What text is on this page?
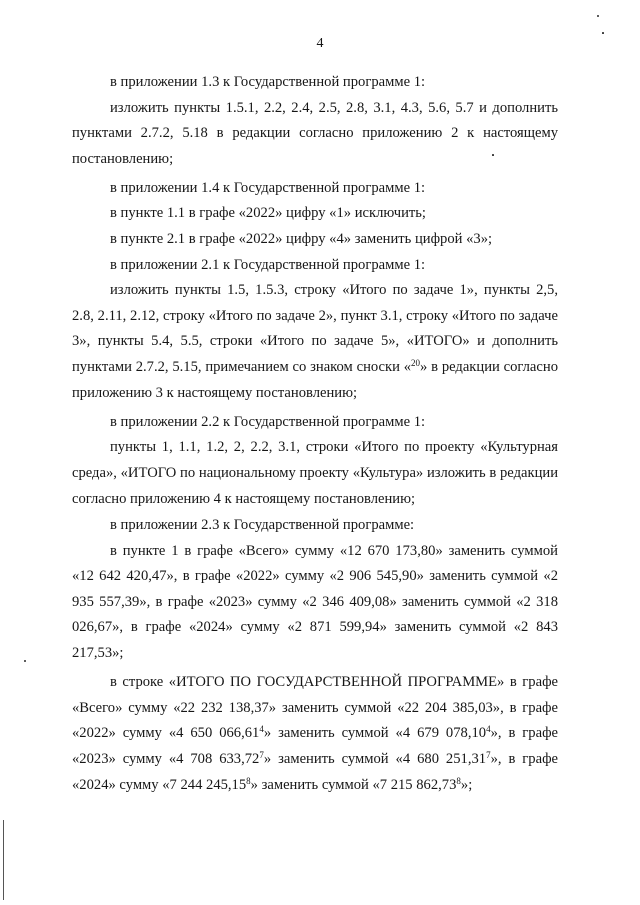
4

в приложении 1.3 к Государственной программе 1:

изложить пункты 1.5.1, 2.2, 2.4, 2.5, 2.8, 3.1, 4.3, 5.6, 5.7 и дополнить пунктами 2.7.2, 5.18 в редакции согласно приложению 2 к настоящему постановлению;

в приложении 1.4 к Государственной программе 1:

в пункте 1.1 в графе «2022» цифру «1» исключить;

в пункте 2.1 в графе «2022» цифру «4» заменить цифрой «3»;

в приложении 2.1 к Государственной программе 1:

изложить пункты 1.5, 1.5.3, строку «Итого по задаче 1», пункты 2,5, 2.8, 2.11, 2.12, строку «Итого по задаче 2», пункт 3.1, строку «Итого по задаче 3», пункты 5.4, 5.5, строки «Итого по задаче 5», «ИТОГО» и дополнить пунктами 2.7.2, 5.15, примечанием со знаком сноски «$^{20}$» в редакции согласно приложению 3 к настоящему постановлению;

в приложении 2.2 к Государственной программе 1:

пункты 1, 1.1, 1.2, 2, 2.2, 3.1, строки «Итого по проекту «Культурная среда», «ИТОГО по национальному проекту «Культура» изложить в редакции согласно приложению 4 к настоящему постановлению;

в приложении 2.3 к Государственной программе:

в пункте 1 в графе «Всего» сумму «12 670 173,80» заменить суммой «12 642 420,47», в графе «2022» сумму «2 906 545,90» заменить суммой «2 935 557,39», в графе «2023» сумму «2 346 409,08» заменить суммой «2 318 026,67», в графе «2024» сумму «2 871 599,94» заменить суммой «2 843 217,53»;

в строке «ИТОГО ПО ГОСУДАРСТВЕННОЙ ПРОГРАММЕ» в графе «Всего» сумму «22 232 138,37» заменить суммой «22 204 385,03», в графе «2022» сумму «4 650 066,61$^4$» заменить суммой «4 679 078,10$^4$», в графе «2023» сумму «4 708 633,72$^7$» заменить суммой «4 680 251,31$^7$», в графе «2024» сумму «7 244 245,15$^8$» заменить суммой «7 215 862,73$^8$»;
